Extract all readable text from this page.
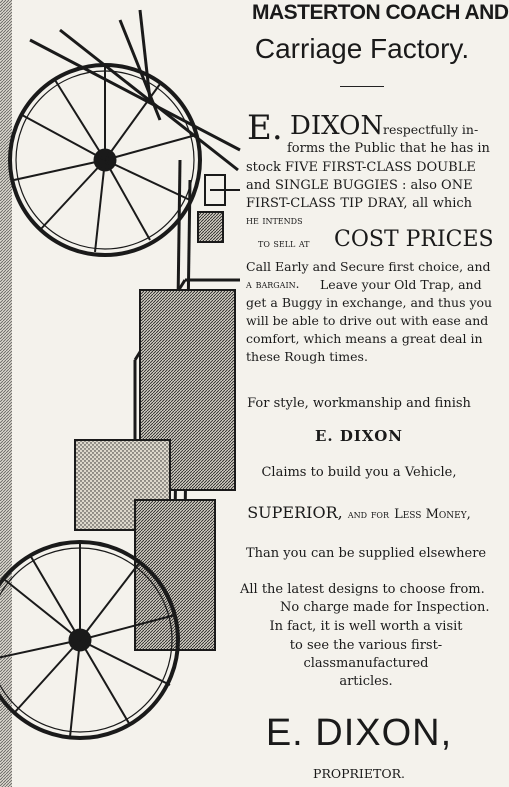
MASTERTON COACH AND
Carriage Factory.
E. DIXON respectfully in-
forms the Public that he has in
stock FIVE FIRST-CLASS DOUBLE
and SINGLE BUGGIES : also ONE
FIRST-CLASS TIP DRAY, all which
he intends
to sell at COST PRICES
Call Early and Secure first choice, and
a bargain. Leave your Old Trap, and
get a Buggy in exchange, and thus you
will be able to drive out with ease and
comfort, which means a great deal in
these Rough times.
For style, workmanship and finish
E. DIXON
Claims to build you a Vehicle,
SUPERIOR, and for Less Money,
Than you can be supplied elsewhere
All the latest designs to choose from.
No charge made for Inspection.
In fact, it is well worth a visit
to see the various first-
classmanufactured
articles.
E. DIXON,
PROPRIETOR.
